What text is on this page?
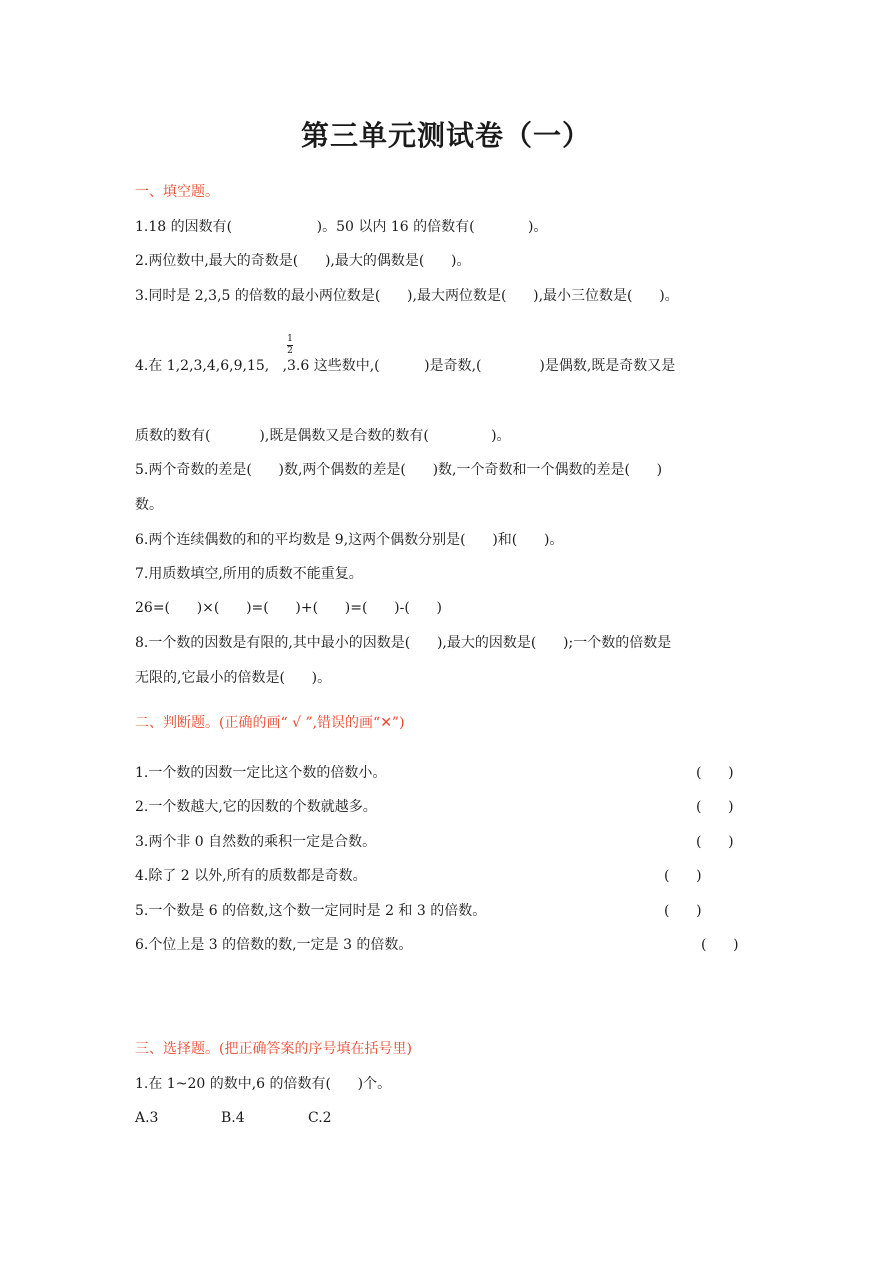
第三单元测试卷（一）
一、填空题。
1.18 的因数有(                   )。50 以内 16 的倍数有(            )。
2.两位数中,最大的奇数是(      ),最大的偶数是(      )。
3.同时是 2,3,5 的倍数的最小两位数是(      ),最大两位数是(      ),最小三位数是(      )。
1
2
4.在 1,2,3,4,6,9,15,   ,3.6 这些数中,(          )是奇数,(             )是偶数,既是奇数又是
质数的数有(           ),既是偶数又是合数的数有(              )。
5.两个奇数的差是(      )数,两个偶数的差是(      )数,一个奇数和一个偶数的差是(      )
数。
6.两个连续偶数的和的平均数是 9,这两个偶数分别是(      )和(      )。
7.用质数填空,所用的质数不能重复。
26=(      )×(      )=(      )+(      )=(      )-(      )
8.一个数的因数是有限的,其中最小的因数是(      ),最大的因数是(      );一个数的倍数是
无限的,它最小的倍数是(      )。
二、判断题。(正确的画“ √ ”,错误的画“✕”)
1.一个数的因数一定比这个数的倍数小。	(      )
2.一个数越大,它的因数的个数就越多。	(      )
3.两个非 0 自然数的乘积一定是合数。	(      )
4.除了 2 以外,所有的质数都是奇数。	(      )
5.一个数是 6 的倍数,这个数一定同时是 2 和 3 的倍数。	(      )
6.个位上是 3 的倍数的数,一定是 3 的倍数。	(      )
三、选择题。(把正确答案的序号填在括号里)
1.在 1~20 的数中,6 的倍数有(      )个。
A.3	B.4	C.2
